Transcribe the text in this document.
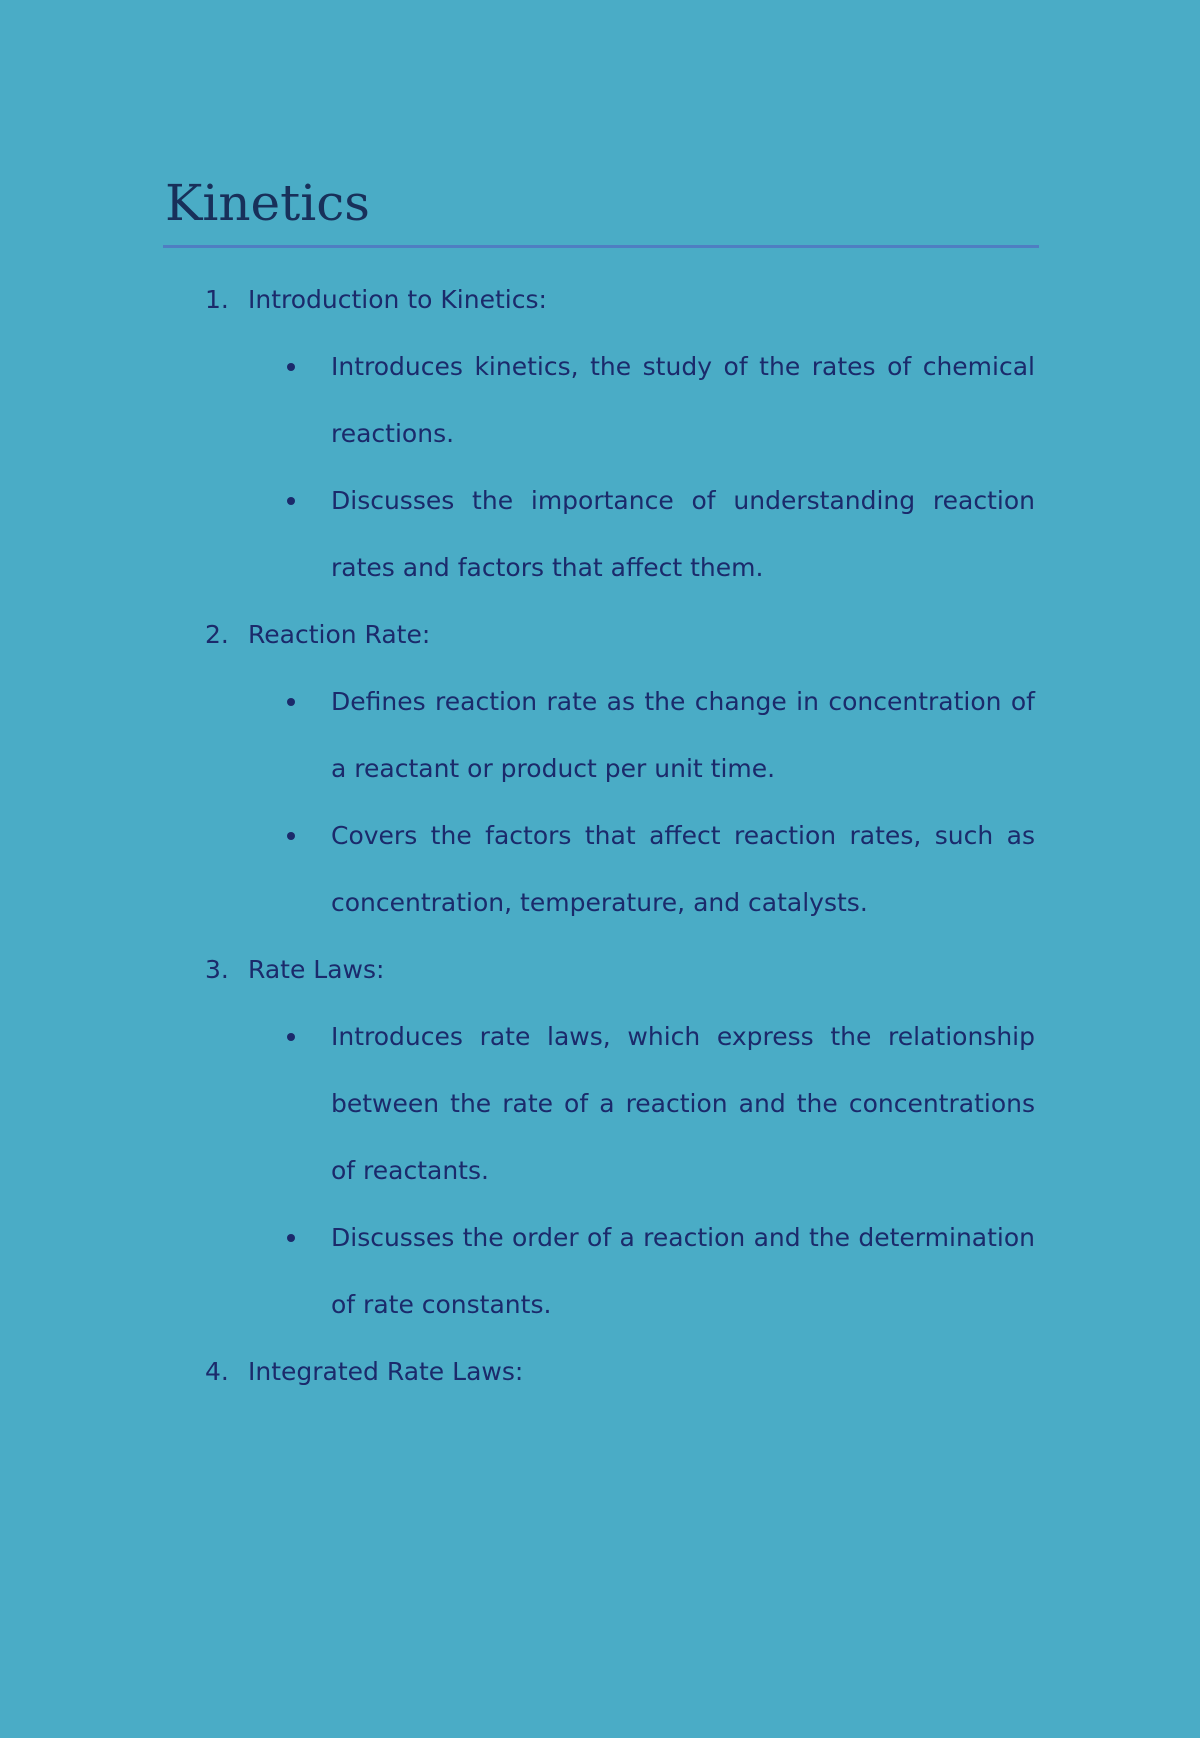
Kinetics
1. Introduction to Kinetics:
Introduces kinetics, the study of the rates of chemical reactions.
Discusses the importance of understanding reaction rates and factors that affect them.
2. Reaction Rate:
Defines reaction rate as the change in concentration of a reactant or product per unit time.
Covers the factors that affect reaction rates, such as concentration, temperature, and catalysts.
3. Rate Laws:
Introduces rate laws, which express the relationship between the rate of a reaction and the concentrations of reactants.
Discusses the order of a reaction and the determination of rate constants.
4. Integrated Rate Laws:
